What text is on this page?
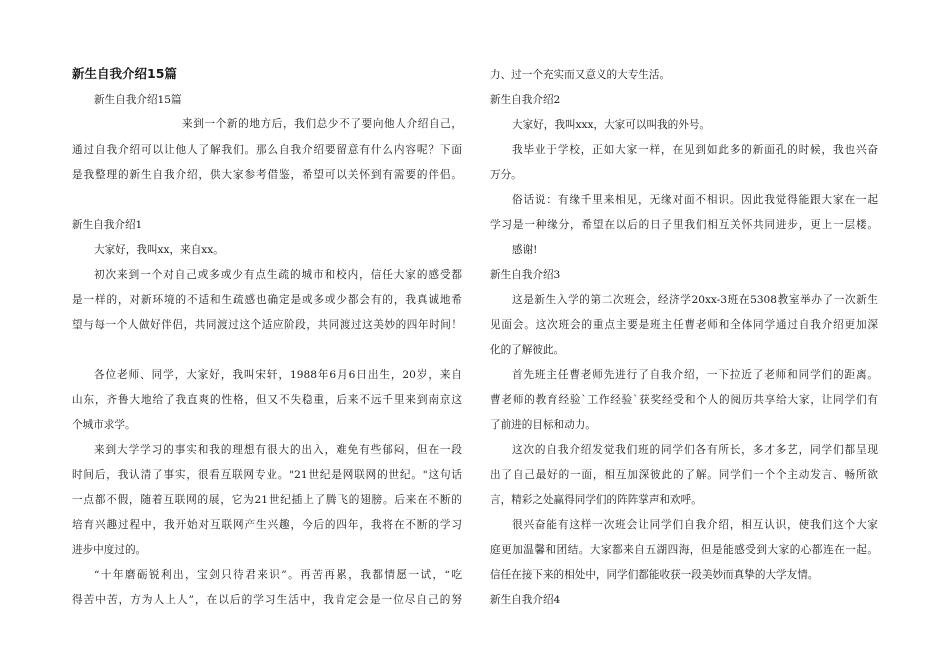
新生自我介绍15篇
新生自我介绍15篇
来到一个新的地方后，我们总少不了要向他人介绍自己，
通过自我介绍可以让他人了解我们。那么自我介绍要留意有什么内容呢？下面
是我整理的新生自我介绍，供大家参考借鉴，希望可以关怀到有需要的伴侣。
新生自我介绍1
大家好，我叫xx，来自xx。
初次来到一个对自己或多或少有点生疏的城市和校内，信任大家的感受都
是一样的，对新环境的不适和生疏感也确定是或多或少都会有的，我真诚地希
望与每一个人做好伴侣，共同渡过这个适应阶段，共同渡过这美妙的四年时间！
各位老师、同学，大家好，我叫宋轩，1988年6月6日出生，20岁，来自
山东，齐鲁大地给了我直爽的性格，但又不失稳重，后来不远千里来到南京这
个城市求学。
来到大学学习的事实和我的理想有很大的出入，难免有些郁闷，但在一段
时间后，我认清了事实，很看互联网专业。"21世纪是网联网的世纪。"这句话
一点都不假，随着互联网的展，它为21世纪插上了腾飞的翅膀。后来在不断的
培育兴趣过程中，我开始对互联网产生兴趣，今后的四年，我将在不断的学习
进步中度过的。
“十年磨砺锐利出，宝剑只待君来识”。再苦再累，我都情愿一试，“吃
得苦中苦，方为人上人”，在以后的学习生活中，我肯定会是一位尽自己的努
力、过一个充实而又意义的大专生活。
新生自我介绍2
大家好，我叫xxx，大家可以叫我的外号。
我毕业于学校，正如大家一样，在见到如此多的新面孔的时候，我也兴奋
万分。
俗话说：有缘千里来相见，无缘对面不相识。因此我觉得能跟大家在一起
学习是一种缘分，希望在以后的日子里我们相互关怀共同进步，更上一层楼。
感谢!
新生自我介绍3
这是新生入学的第二次班会，经济学20xx-3班在5308教室举办了一次新生
见面会。这次班会的重点主要是班主任曹老师和全体同学通过自我介绍更加深
化的了解彼此。
首先班主任曹老师先进行了自我介绍，一下拉近了老师和同学们的距离。
曹老师的教育经验`工作经验`获奖经受和个人的阅历共享给大家，让同学们有
了前进的目标和动力。
这次的自我介绍发觉我们班的同学们各有所长，多才多艺，同学们都呈现
出了自己最好的一面，相互加深彼此的了解。同学们一个个主动发言、畅所欲
言，精彩之处赢得同学们的阵阵掌声和欢呼。
很兴奋能有这样一次班会让同学们自我介绍，相互认识，使我们这个大家
庭更加温馨和团结。大家都来自五湖四海，但是能感受到大家的心都连在一起。
信任在接下来的相处中，同学们都能收获一段美妙而真挚的大学友情。
新生自我介绍4
